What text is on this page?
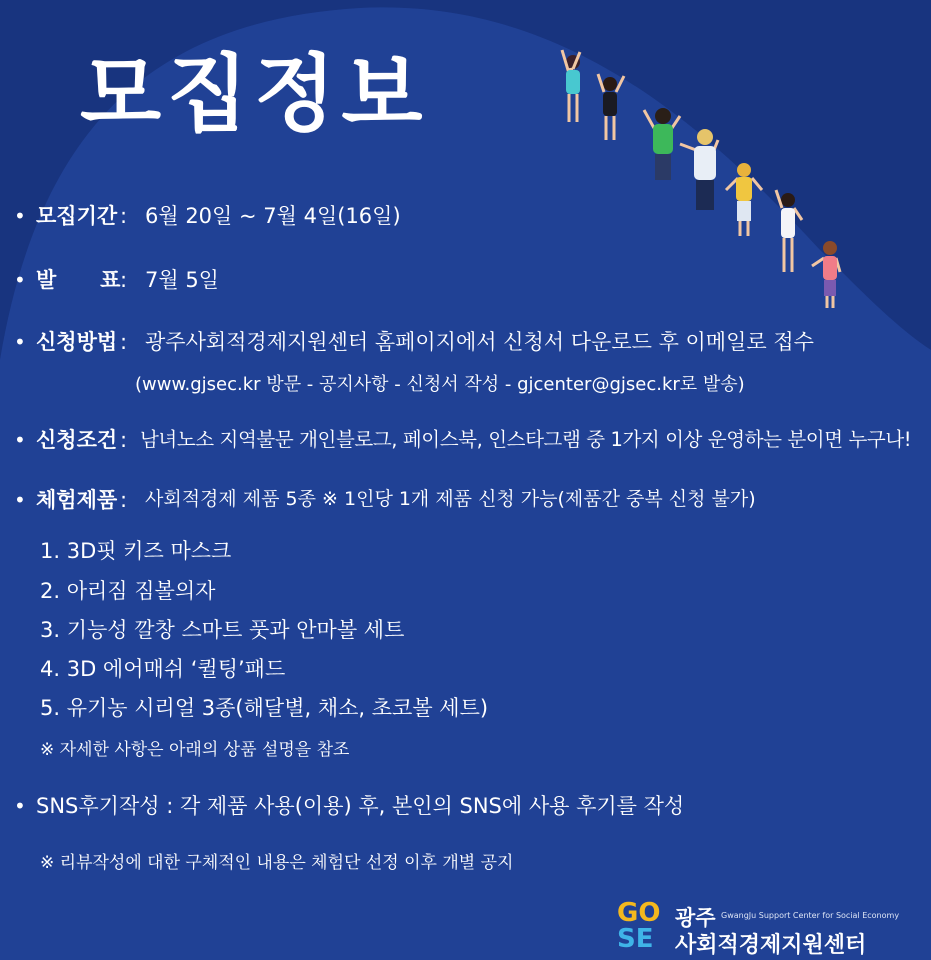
모집정보
• 모집기간 : 6월 20일 ~ 7월 4일(16일)
• 발      표 : 7월 5일
• 신청방법 : 광주사회적경제지원센터 홈페이지에서 신청서 다운로드 후 이메일로 접수
(www.gjsec.kr 방문 - 공지사항 - 신청서 작성 - gjcenter@gjsec.kr로 발송)
• 신청조건 : 남녀노소 지역불문 개인블로그, 페이스북, 인스타그램 중 1가지 이상 운영하는 분이면 누구나!
• 체험제품 : 사회적경제 제품 5종 ※ 1인당 1개 제품 신청 가능(제품간 중복 신청 불가)
1. 3D핏 키즈 마스크
2. 아리짐 짐볼의자
3. 기능성 깔창 스마트 풋과 안마볼 세트
4. 3D 에어매쉬 ‘퀼팅’패드
5. 유기농 시리얼 3종(해달별, 채소, 초코볼 세트)
※ 자세한 사항은 아래의 상품 설명을 참조
• SNS후기작성 : 각 제품 사용(이용) 후, 본인의 SNS에 사용 후기를 작성
※ 리뷰작성에 대한 구체적인 내용은 체험단 선정 이후 개별 공지
GO
SE
광주 GwangJu Support Center for Social Economy
사회적경제지원센터
